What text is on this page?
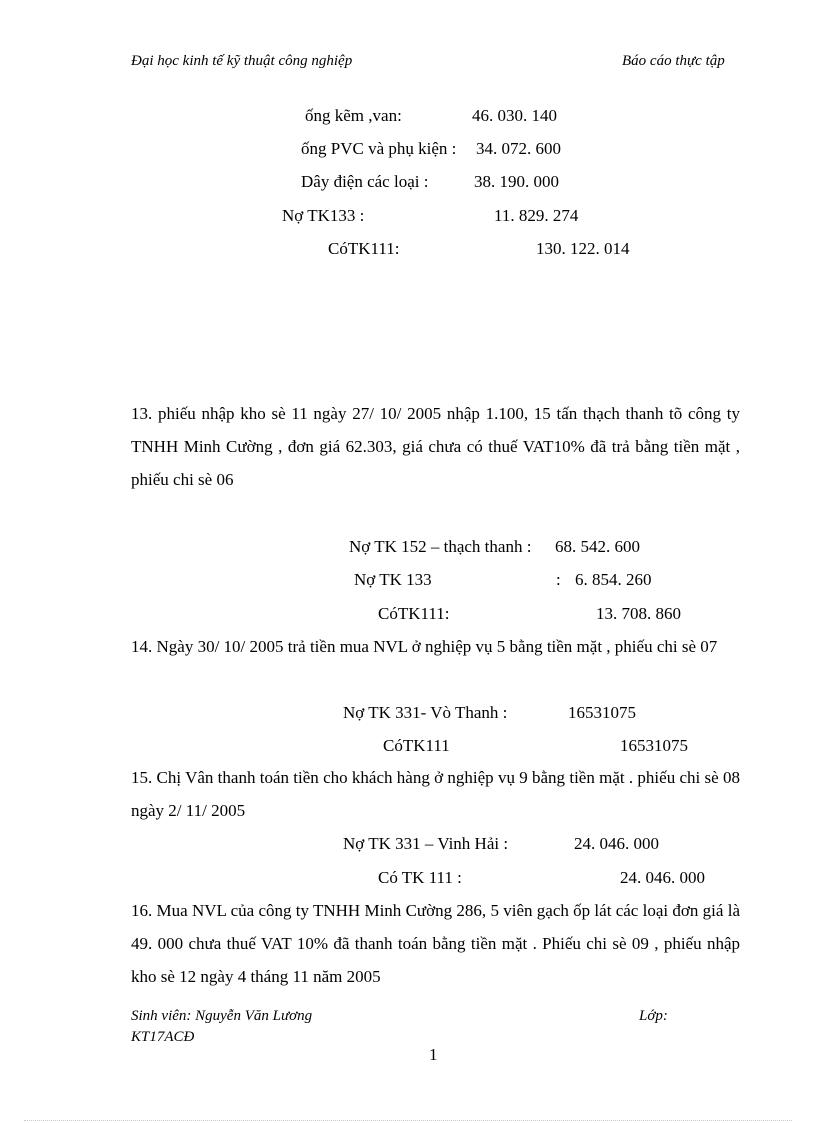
Đại học kinh tế kỹ thuật công nghiệp	Báo cáo thực tập
ống kẽm ,van:	46. 030. 140
ống PVC và phụ kiện : 34. 072. 600
Dây điện các loại :	38. 190. 000
Nợ TK133 :	11. 829. 274
CóTK111:	130. 122. 014
13. phiếu nhập kho sè 11 ngày 27/ 10/ 2005 nhập 1.100, 15 tấn thạch thanh tõ công ty TNHH Minh Cường , đơn giá 62.303, giá chưa có thuế VAT10% đã trả bằng tiền mặt , phiếu chi sè 06
Nợ TK 152 – thạch thanh : 68. 542. 600
Nợ TK 133	: 6. 854. 260
CóTK111:	13. 708. 860
14. Ngày 30/ 10/ 2005 trả tiền mua NVL ở nghiệp vụ 5 bằng tiền mặt , phiếu chi sè 07
Nợ TK 331- Vò Thanh :	16531075
CóTK111	16531075
15. Chị Vân thanh toán tiền cho khách hàng ở nghiệp vụ 9 bằng tiền mặt . phiếu chi sè 08 ngày 2/ 11/ 2005
Nợ TK 331 – Vinh Hải :	24. 046. 000
Có TK 111 :	24. 046. 000
16. Mua NVL của công ty TNHH Minh Cường 286, 5 viên gạch ốp lát các loại đơn giá là 49. 000 chưa thuế VAT 10% đã thanh toán bằng tiền mặt . Phiếu chi sè 09 , phiếu nhập kho sè 12 ngày 4 tháng 11 năm 2005
Sinh viên: Nguyễn Văn Lương	Lớp:
KT17ACĐ
1
